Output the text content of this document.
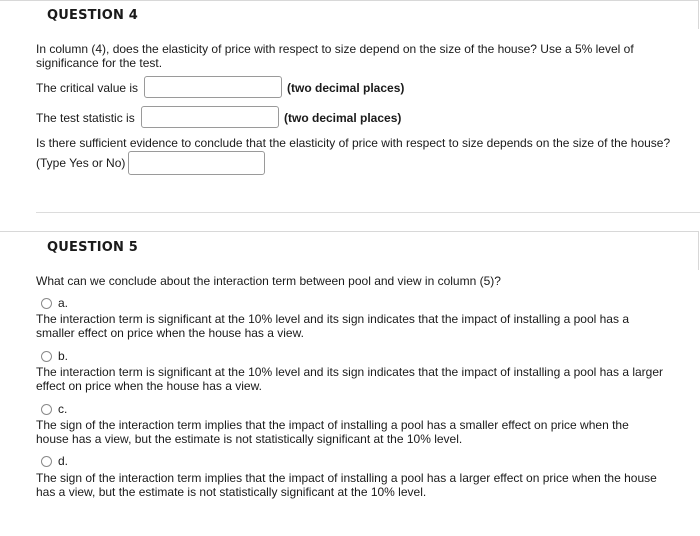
QUESTION 4
In column (4), does the elasticity of price with respect to size depend on the size of the house? Use a 5% level of
significance for the test.
The critical value is	(two decimal places)
The test statistic is	(two decimal places)
Is there sufficient evidence to conclude that the elasticity of price with respect to size depends on the size of the house?
(Type Yes or No)
QUESTION 5
What can we conclude about the interaction term between pool and view in column (5)?
a.
The interaction term is significant at the 10% level and its sign indicates that the impact of installing a pool has a
smaller effect on price when the house has a view.
b.
The interaction term is significant at the 10% level and its sign indicates that the impact of installing a pool has a larger
effect on price when the house has a view.
c.
The sign of the interaction term implies that the impact of installing a pool has a smaller effect on price when the
house has a view, but the estimate is not statistically significant at the 10% level.
d.
The sign of the interaction term implies that the impact of installing a pool has a larger effect on price when the house
has a view, but the estimate is not statistically significant at the 10% level.
